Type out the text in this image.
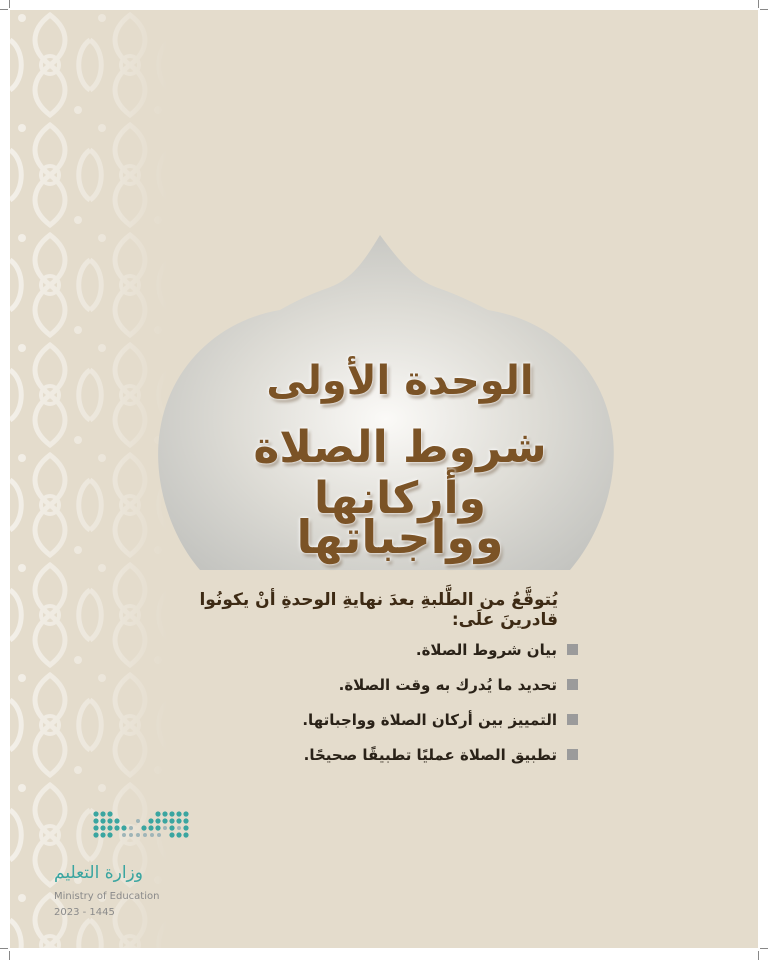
وزارة التعليم
Ministry of Education
2023 - 1445
الوحدة الأولى
شروط الصلاة وأركانها
وواجباتها
يُتوقَّعُ من الطَّلبةِ بعدَ نهايةِ الوحدةِ أنْ يكونُوا قادرينَ علَى:
بيان شروط الصلاة.
تحديد ما يُدرك به وقت الصلاة.
التمييز بين أركان الصلاة وواجباتها.
تطبيق الصلاة عمليًا تطبيقًا صحيحًا.
